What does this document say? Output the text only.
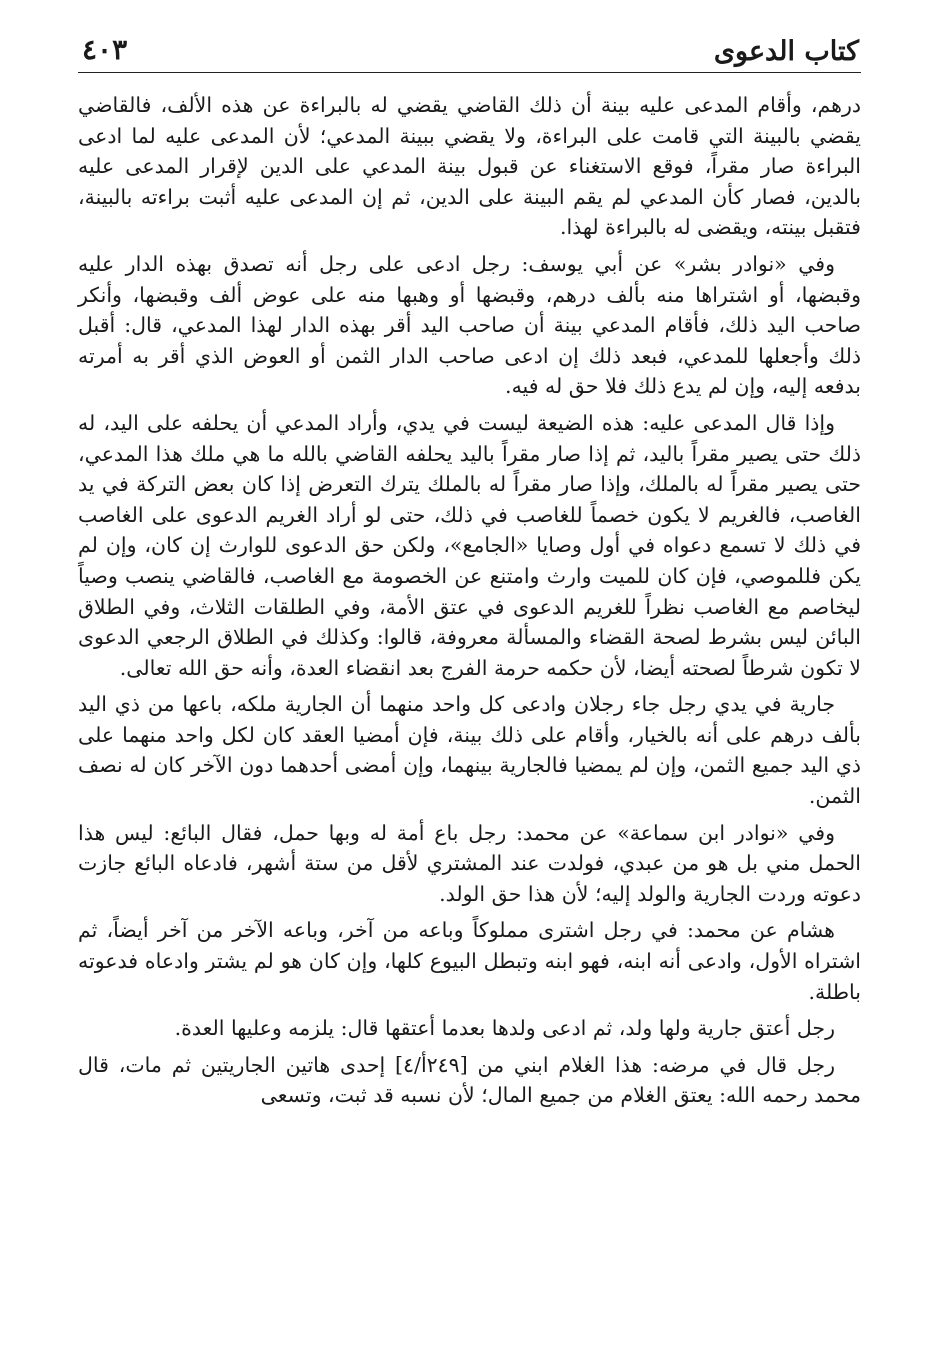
كتاب الدعوى
٤٠٣

درهم، وأقام المدعى عليه بينة أن ذلك القاضي يقضي له بالبراءة عن هذه الألف، فالقاضي يقضي بالبينة التي قامت على البراءة، ولا يقضي ببينة المدعي؛ لأن المدعى عليه لما ادعى البراءة صار مقراً، فوقع الاستغناء عن قبول بينة المدعي على الدين لإقرار المدعى عليه بالدين، فصار كأن المدعي لم يقم البينة على الدين، ثم إن المدعى عليه أثبت براءته بالبينة، فتقبل بينته، ويقضى له بالبراءة لهذا.

وفي «نوادر بشر» عن أبي يوسف: رجل ادعى على رجل أنه تصدق بهذه الدار عليه وقبضها، أو اشتراها منه بألف درهم، وقبضها أو وهبها منه على عوض ألف وقبضها، وأنكر صاحب اليد ذلك، فأقام المدعي بينة أن صاحب اليد أقر بهذه الدار لهذا المدعي، قال: أقبل ذلك وأجعلها للمدعي، فبعد ذلك إن ادعى صاحب الدار الثمن أو العوض الذي أقر به أمرته بدفعه إليه، وإن لم يدع ذلك فلا حق له فيه.

وإذا قال المدعى عليه: هذه الضيعة ليست في يدي، وأراد المدعي أن يحلفه على اليد، له ذلك حتى يصير مقراً باليد، ثم إذا صار مقراً باليد يحلفه القاضي بالله ما هي ملك هذا المدعي، حتى يصير مقراً له بالملك، وإذا صار مقراً له بالملك يترك التعرض إذا كان بعض التركة في يد الغاصب، فالغريم لا يكون خصماً للغاصب في ذلك، حتى لو أراد الغريم الدعوى على الغاصب في ذلك لا تسمع دعواه في أول وصايا «الجامع»، ولكن حق الدعوى للوارث إن كان، وإن لم يكن فللموصي، فإن كان للميت وارث وامتنع عن الخصومة مع الغاصب، فالقاضي ينصب وصياً ليخاصم مع الغاصب نظراً للغريم الدعوى في عتق الأمة، وفي الطلقات الثلاث، وفي الطلاق البائن ليس بشرط لصحة القضاء والمسألة معروفة، قالوا: وكذلك في الطلاق الرجعي الدعوى لا تكون شرطاً لصحته أيضا، لأن حكمه حرمة الفرج بعد انقضاء العدة، وأنه حق الله تعالى.

جارية في يدي رجل جاء رجلان وادعى كل واحد منهما أن الجارية ملكه، باعها من ذي اليد بألف درهم على أنه بالخيار، وأقام على ذلك بينة، فإن أمضيا العقد كان لكل واحد منهما على ذي اليد جميع الثمن، وإن لم يمضيا فالجارية بينهما، وإن أمضى أحدهما دون الآخر كان له نصف الثمن.

وفي «نوادر ابن سماعة» عن محمد: رجل باع أمة له وبها حمل، فقال البائع: ليس هذا الحمل مني بل هو من عبدي، فولدت عند المشتري لأقل من ستة أشهر، فادعاه البائع جازت دعوته وردت الجارية والولد إليه؛ لأن هذا حق الولد.

هشام عن محمد: في رجل اشترى مملوكاً وباعه من آخر، وباعه الآخر من آخر أيضاً، ثم اشتراه الأول، وادعى أنه ابنه، فهو ابنه وتبطل البيوع كلها، وإن كان هو لم يشتر وادعاه فدعوته باطلة.

رجل أعتق جارية ولها ولد، ثم ادعى ولدها بعدما أعتقها قال: يلزمه وعليها العدة.

رجل قال في مرضه: هذا الغلام ابني من [٢٤٩أ/٤] إحدى هاتين الجاريتين ثم مات، قال محمد رحمه الله: يعتق الغلام من جميع المال؛ لأن نسبه قد ثبت، وتسعى
